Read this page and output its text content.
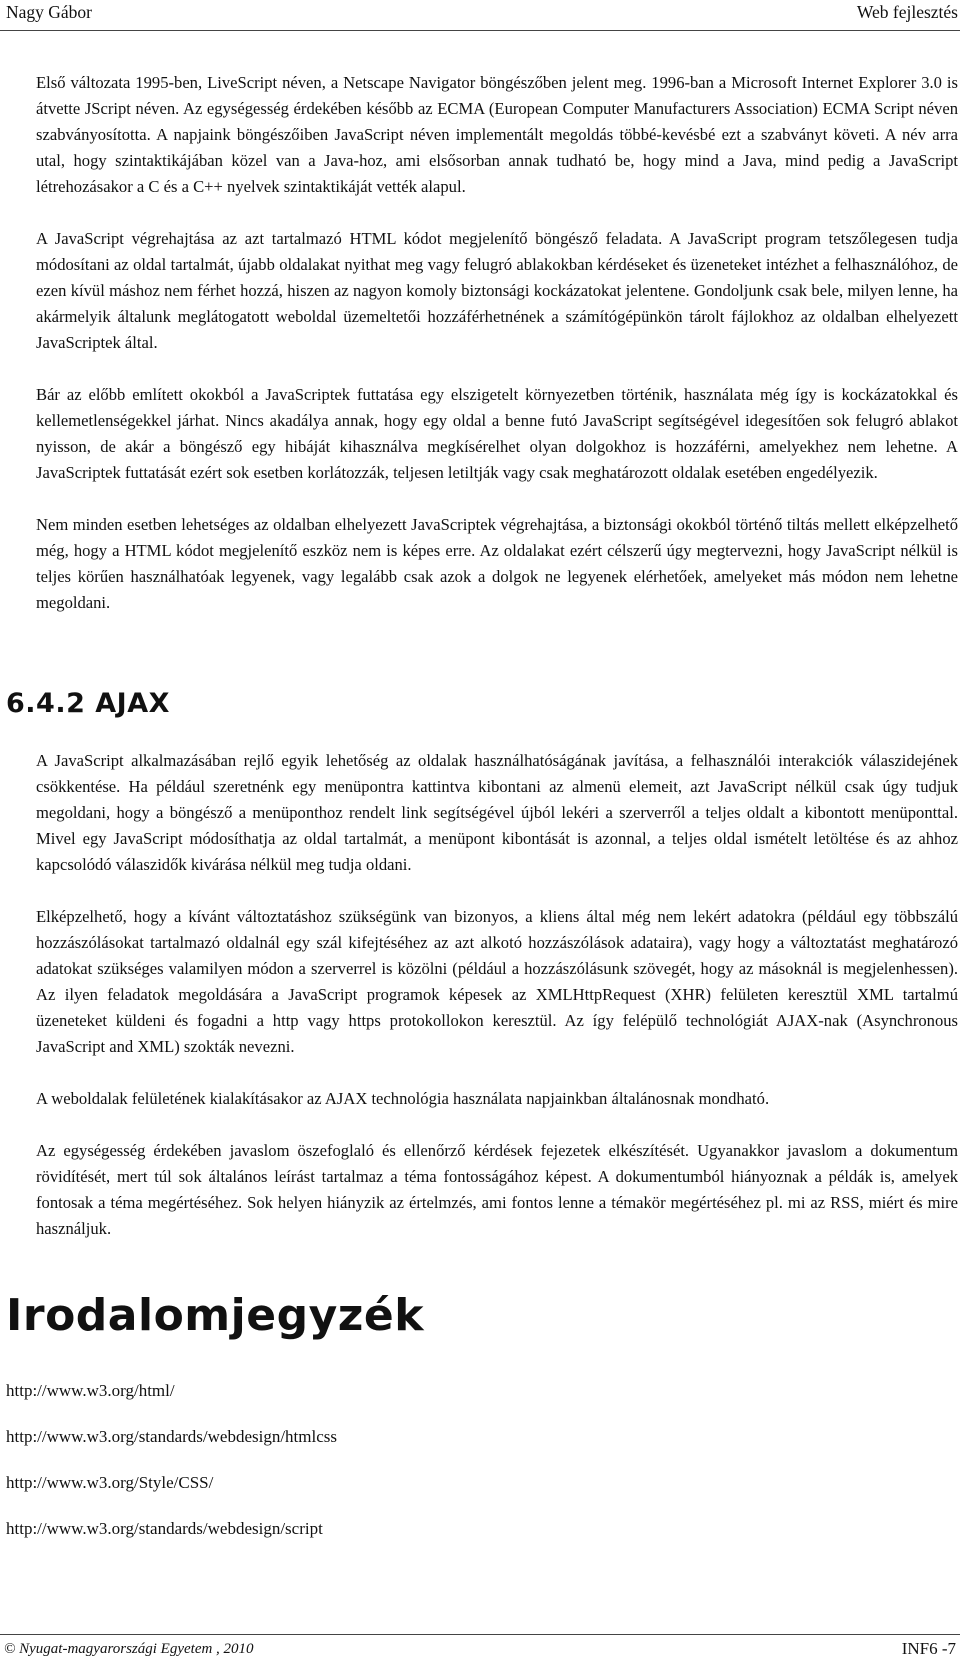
Nagy Gábor	Web fejlesztés

Első változata 1995-ben, LiveScript néven, a Netscape Navigator böngészőben jelent meg. 1996-ban a Microsoft Internet Explorer 3.0 is átvette JScript néven. Az egységesség érdekében később az ECMA (European Computer Manufacturers Association) ECMA Script néven szabványosította. A napjaink böngészőiben JavaScript néven implementált megoldás többé-kevésbé ezt a szabványt követi. A név arra utal, hogy szintaktikájában közel van a Java-hoz, ami elsősorban annak tudható be, hogy mind a Java, mind pedig a JavaScript létrehozásakor a C és a C++ nyelvek szintaktikáját vették alapul.

A JavaScript végrehajtása az azt tartalmazó HTML kódot megjelenítő böngésző feladata. A JavaScript program tetszőlegesen tudja módosítani az oldal tartalmát, újabb oldalakat nyithat meg vagy felugró ablakokban kérdéseket és üzeneteket intézhet a felhasználóhoz, de ezen kívül máshoz nem férhet hozzá, hiszen az nagyon komoly biztonsági kockázatokat jelentene. Gondoljunk csak bele, milyen lenne, ha akármelyik általunk meglátogatott weboldal üzemeltetői hozzáférhetnének a számítógépünkön tárolt fájlokhoz az oldalban elhelyezett JavaScriptek által.

Bár az előbb említett okokból a JavaScriptek futtatása egy elszigetelt környezetben történik, használata még így is kockázatokkal és kellemetlenségekkel járhat. Nincs akadálya annak, hogy egy oldal a benne futó JavaScript segítségével idegesítően sok felugró ablakot nyisson, de akár a böngésző egy hibáját kihasználva megkísérelhet olyan dolgokhoz is hozzáférni, amelyekhez nem lehetne. A JavaScriptek futtatását ezért sok esetben korlátozzák, teljesen letiltják vagy csak meghatározott oldalak esetében engedélyezik.

Nem minden esetben lehetséges az oldalban elhelyezett JavaScriptek végrehajtása, a biztonsági okokból történő tiltás mellett elképzelhető még, hogy a HTML kódot megjelenítő eszköz nem is képes erre. Az oldalakat ezért célszerű úgy megtervezni, hogy JavaScript nélkül is teljes körűen használhatóak legyenek, vagy legalább csak azok a dolgok ne legyenek elérhetőek, amelyeket más módon nem lehetne megoldani.

6.4.2 AJAX

A JavaScript alkalmazásában rejlő egyik lehetőség az oldalak használhatóságának javítása, a felhasználói interakciók válaszidejének csökkentése. Ha például szeretnénk egy menüpontra kattintva kibontani az almenü elemeit, azt JavaScript nélkül csak úgy tudjuk megoldani, hogy a böngésző a menüponthoz rendelt link segítségével újból lekéri a szerverről a teljes oldalt a kibontott menüponttal. Mivel egy JavaScript módosíthatja az oldal tartalmát, a menüpont kibontását is azonnal, a teljes oldal ismételt letöltése és az ahhoz kapcsolódó válaszidők kivárása nélkül meg tudja oldani.

Elképzelhető, hogy a kívánt változtatáshoz szükségünk van bizonyos, a kliens által még nem lekért adatokra (például egy többszálú hozzászólásokat tartalmazó oldalnál egy szál kifejtéséhez az azt alkotó hozzászólások adataira), vagy hogy a változtatást meghatározó adatokat szükséges valamilyen módon a szerverrel is közölni (például a hozzászólásunk szövegét, hogy az másoknál is megjelenhessen). Az ilyen feladatok megoldására a JavaScript programok képesek az XMLHttpRequest (XHR) felületen keresztül XML tartalmú üzeneteket küldeni és fogadni a http vagy https protokollokon keresztül. Az így felépülő technológiát AJAX-nak (Asynchronous JavaScript and XML) szokták nevezni.

A weboldalak felületének kialakításakor az AJAX technológia használata napjainkban általánosnak mondható.

Az egységesség érdekében javaslom öszefoglaló és ellenőrző kérdések fejezetek elkészítését. Ugyanakkor javaslom a dokumentum rövidítését, mert túl sok általános leírást tartalmaz a téma fontosságához képest. A dokumentumból hiányoznak a példák is, amelyek fontosak a téma megértéséhez. Sok helyen hiányzik az értelmzés, ami fontos lenne a témakör megértéséhez pl. mi az RSS, miért és mire használjuk.

Irodalomjegyzék
http://www.w3.org/html/
http://www.w3.org/standards/webdesign/htmlcss
http://www.w3.org/Style/CSS/
http://www.w3.org/standards/webdesign/script
© Nyugat-magyarországi Egyetem , 2010	INF6 -7
